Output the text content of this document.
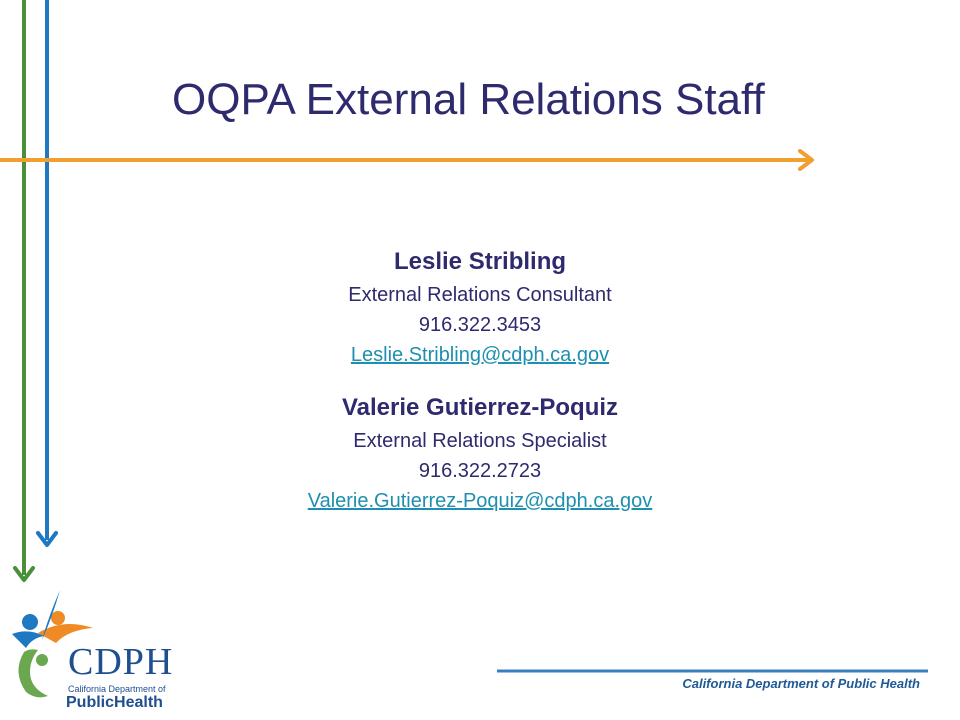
OQPA External Relations Staff
Leslie Stribling
External Relations Consultant
916.322.3453
Leslie.Stribling@cdph.ca.gov
Valerie Gutierrez-Poquiz
External Relations Specialist
916.322.2723
Valerie.Gutierrez-Poquiz@cdph.ca.gov
CDPH
California Department of
PublicHealth
California Department of Public Health
